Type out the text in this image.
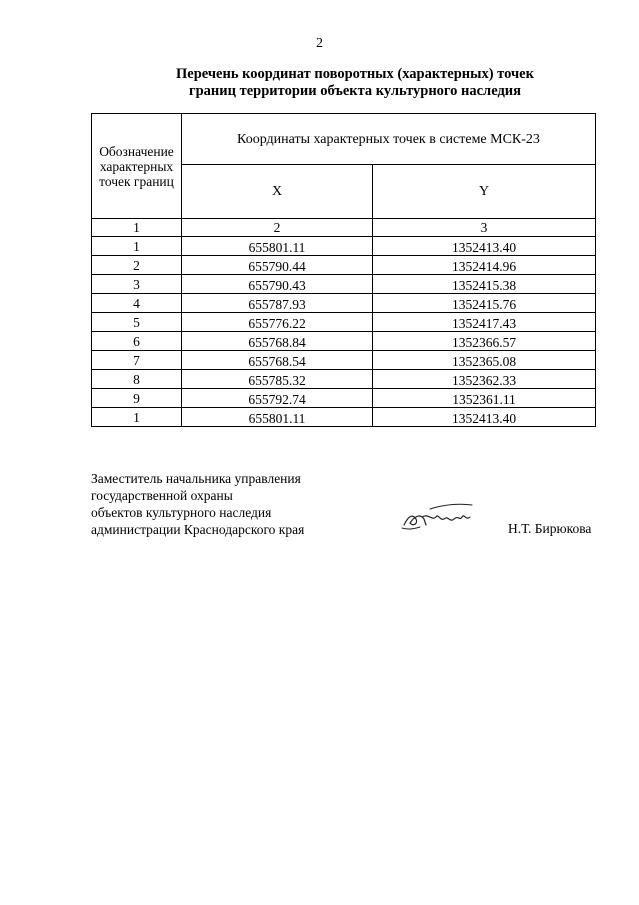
2
Перечень координат поворотных (характерных) точек
границ территории объекта культурного наследия
Обозначение
характерных
точек границ	Координаты характерных точек в системе МСК-23	
	X	Y
1	2	3
1	655801.11	1352413.40
2	655790.44	1352414.96
3	655790.43	1352415.38
4	655787.93	1352415.76
5	655776.22	1352417.43
6	655768.84	1352366.57
7	655768.54	1352365.08
8	655785.32	1352362.33
9	655792.74	1352361.11
1	655801.11	1352413.40
Заместитель начальника управления
государственной охраны
объектов культурного наследия
администрации Краснодарского края	Н.Т. Бирюкова
